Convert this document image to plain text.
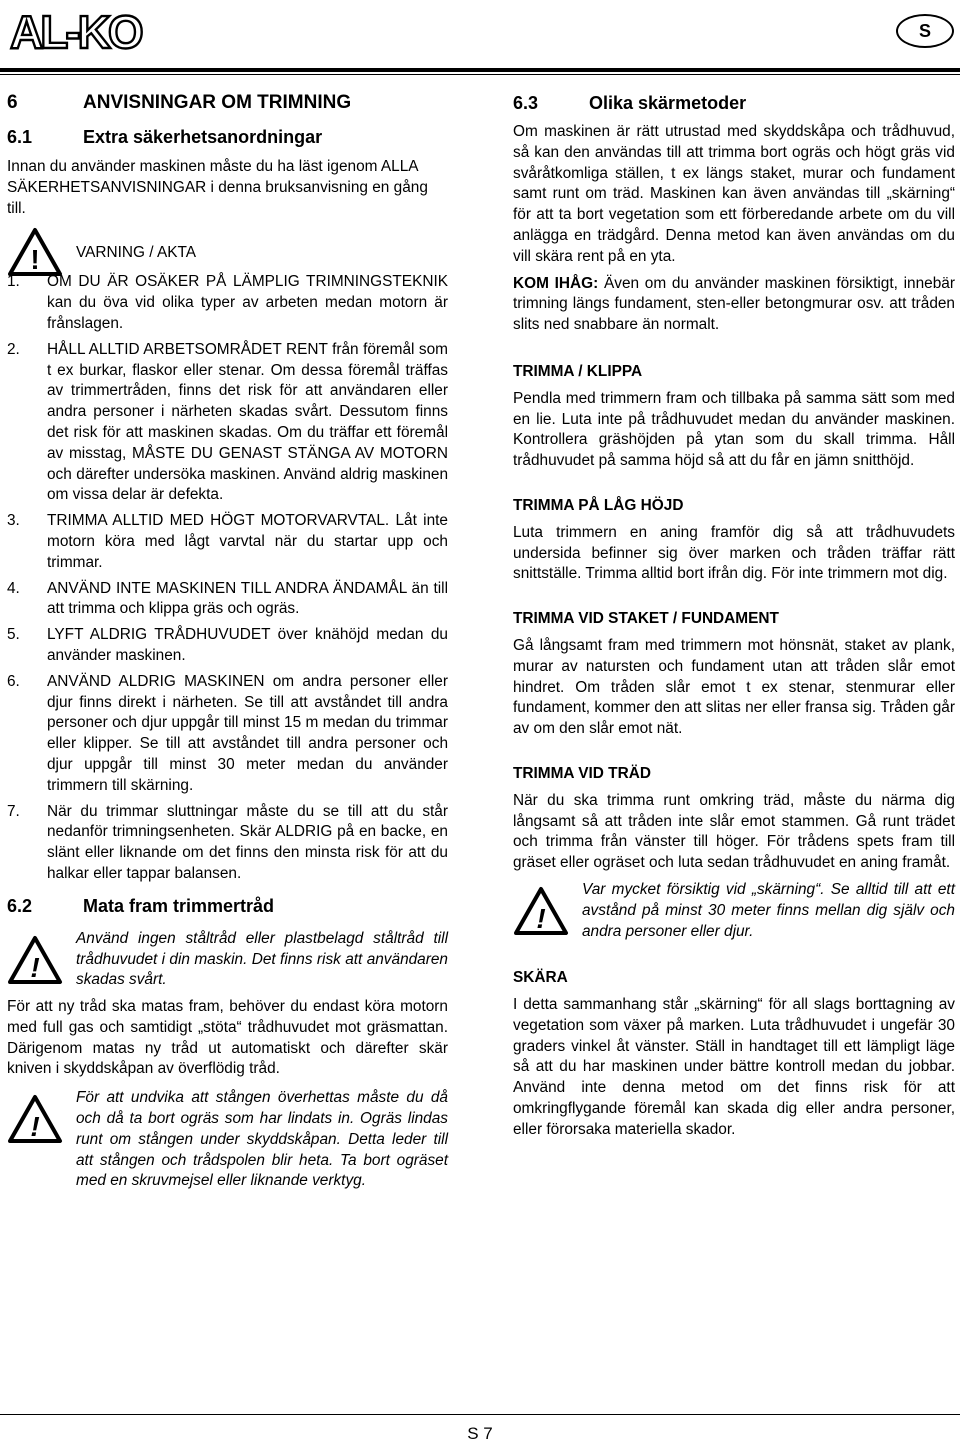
AL-KO	S
6	ANVISNINGAR OM TRIMNING
6.1	Extra säkerhetsanordningar

Innan du använder maskinen måste du ha läst igenom ALLA SÄKERHETSANVISNINGAR i denna bruksanvisning en gång till.

!	VARNING / AKTA
1.	OM DU ÄR OSÄKER PÅ LÄMPLIG TRIMNINGSTEKNIK kan du öva vid olika typer av arbeten medan motorn är frånslagen.
2.	HÅLL ALLTID ARBETSOMRÅDET RENT från föremål som t ex burkar, flaskor eller stenar. Om dessa föremål träffas av trimmertråden, finns det risk för att användaren eller andra personer i närheten skadas svårt. Dessutom finns det risk för att maskinen skadas. Om du träffar ett föremål av misstag, MÅSTE DU GENAST STÄNGA AV MOTORN och därefter undersöka maskinen. Använd aldrig maskinen om vissa delar är defekta.
3.	TRIMMA ALLTID MED HÖGT MOTORVARVTAL. Låt inte motorn köra med lågt varvtal när du startar upp och trimmar.
4.	ANVÄND INTE MASKINEN TILL ANDRA ÄNDAMÅL än till att trimma och klippa gräs och ogräs.
5.	LYFT ALDRIG TRÅDHUVUDET över knähöjd medan du använder maskinen.
6.	ANVÄND ALDRIG MASKINEN om andra personer eller djur finns direkt i närheten. Se till att avståndet till andra personer och djur uppgår till minst 15 m medan du trimmar eller klipper. Se till att avståndet till andra personer och djur uppgår till minst 30 meter medan du använder trimmern till skärning.
7.	När du trimmar sluttningar måste du se till att du står nedanför trimningsenheten. Skär ALDRIG på en backe, en slänt eller liknande om det finns den minsta risk för att du halkar eller tappar balansen.
6.2	Mata fram trimmertråd
!
Använd ingen ståltråd eller plastbelagd ståltråd till trådhuvudet i din maskin. Det finns risk att användaren skadas svårt.

För att ny tråd ska matas fram, behöver du endast köra motorn med full gas och samtidigt „stöta“ trådhuvudet mot gräsmattan. Därigenom matas ny tråd ut automatiskt och därefter skär kniven i skyddskåpan av överflödig tråd.

!
För att undvika att stången överhettas måste du då och då ta bort ogräs som har lindats in. Ogräs lindas runt om stången under skyddskåpan. Detta leder till att stången och trådspolen blir heta. Ta bort ogräset med en skruvmejsel eller liknande verktyg.
6.3	Olika skärmetoder

Om maskinen är rätt utrustad med skyddskåpa och trådhuvud, så kan den användas till att trimma bort ogräs och högt gräs vid svåråtkomliga ställen, t ex längs staket, murar och fundament samt runt om träd. Maskinen kan även användas till „skärning“ för att ta bort vegetation som ett förberedande arbete om du vill anlägga en trädgård. Denna metod kan även användas om du vill skära rent på en yta.

KOM IHÅG: Även om du använder maskinen försiktigt, innebär trimning längs fundament, sten-eller betongmurar osv. att tråden slits ned snabbare än normalt.

TRIMMA / KLIPPA

Pendla med trimmern fram och tillbaka på samma sätt som med en lie. Luta inte på trådhuvudet medan du använder maskinen. Kontrollera gräshöjden på ytan som du skall trimma. Håll trådhuvudet på samma höjd så att du får en jämn snitthöjd.

TRIMMA PÅ LÅG HÖJD

Luta trimmern en aning framför dig så att trådhuvudets undersida befinner sig över marken och tråden träffar rätt snittställe. Trimma alltid bort ifrån dig. För inte trimmern mot dig.

TRIMMA VID STAKET / FUNDAMENT

Gå långsamt fram med trimmern mot hönsnät, staket av plank, murar av natursten och fundament utan att tråden slår emot hindret. Om tråden slår emot t ex stenar, stenmurar eller fundament, kommer den att slitas ner eller fransa sig. Tråden går av om den slår emot nät.

TRIMMA VID TRÄD

När du ska trimma runt omkring träd, måste du närma dig långsamt så att tråden inte slår emot stammen. Gå runt trädet och trimma från vänster till höger. För trådens spets fram till gräset eller ogräset och luta sedan trådhuvudet en aning framåt.

!
Var mycket försiktig vid „skärning“. Se alltid till att ett avstånd på minst 30 meter finns mellan dig själv och andra personer eller djur.
SKÄRA

I detta sammanhang står „skärning“ för all slags borttagning av vegetation som växer på marken. Luta trådhuvudet i ungefär 30 graders vinkel åt vänster. Ställ in handtaget till ett lämpligt läge så att du har maskinen under bättre kontroll medan du jobbar. Använd inte denna metod om det finns risk för att omkringflygande föremål kan skada dig eller andra personer, eller förorsaka materiella skador.

S 7
